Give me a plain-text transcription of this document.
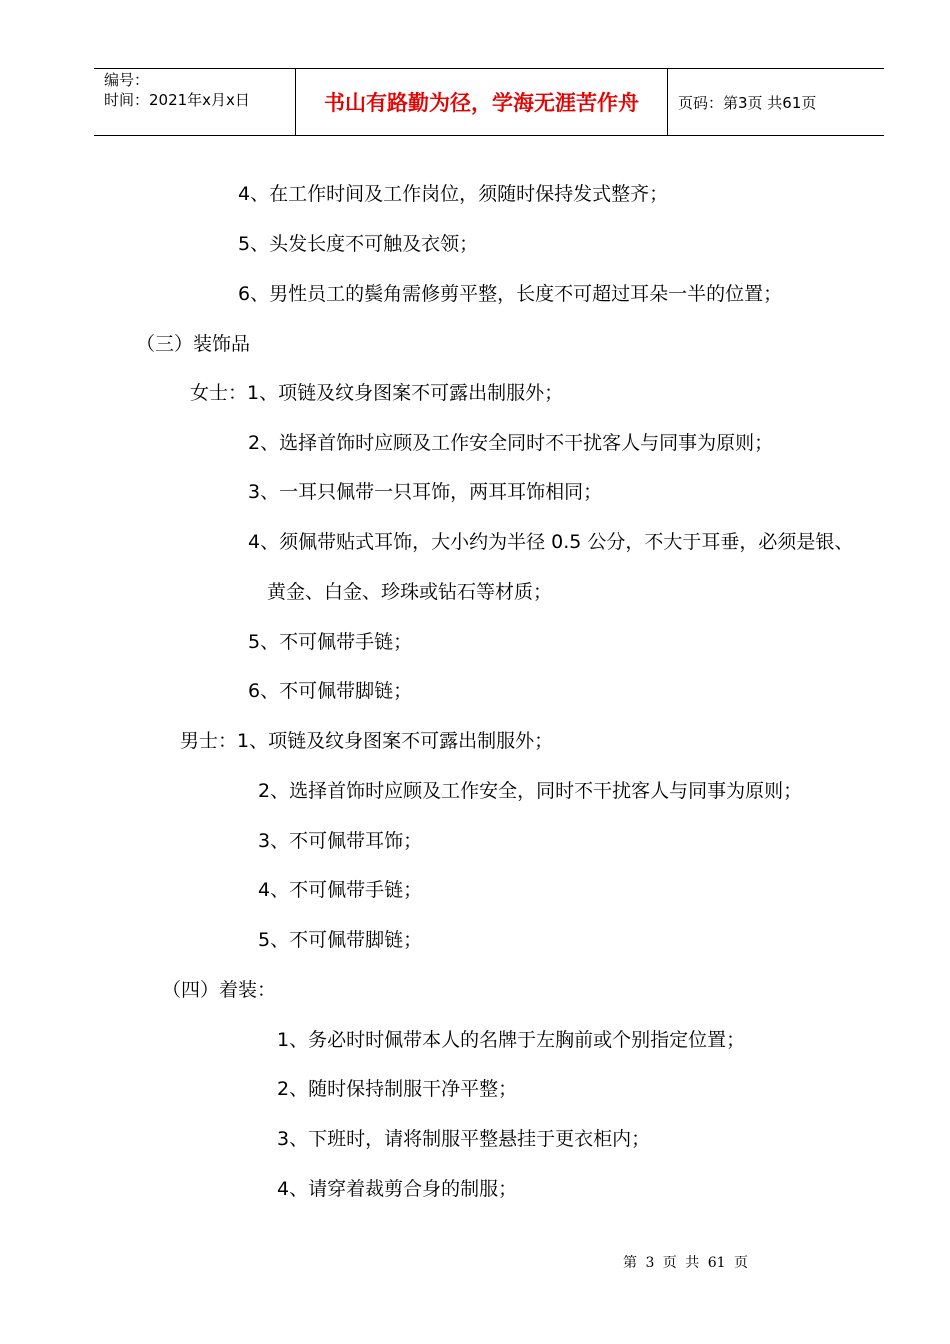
编号：
时间：2021年x月x日	书山有路勤为径，学海无涯苦作舟	页码：第3页 共61页
4、在工作时间及工作岗位，须随时保持发式整齐；
5、头发长度不可触及衣领；
6、男性员工的鬓角需修剪平整，长度不可超过耳朵一半的位置；
（三）装饰品
女士：1、项链及纹身图案不可露出制服外；
2、选择首饰时应顾及工作安全同时不干扰客人与同事为原则；
3、一耳只佩带一只耳饰，两耳耳饰相同；
4、须佩带贴式耳饰，大小约为半径 0.5 公分，不大于耳垂，必须是银、
黄金、白金、珍珠或钻石等材质；
5、不可佩带手链；
6、不可佩带脚链；
男士：1、项链及纹身图案不可露出制服外；
2、选择首饰时应顾及工作安全，同时不干扰客人与同事为原则；
3、不可佩带耳饰；
4、不可佩带手链；
5、不可佩带脚链；
（四）着装：
1、务必时时佩带本人的名牌于左胸前或个别指定位置；
2、随时保持制服干净平整；
3、下班时，请将制服平整悬挂于更衣柜内；
4、请穿着裁剪合身的制服；
第 3 页 共 61 页
